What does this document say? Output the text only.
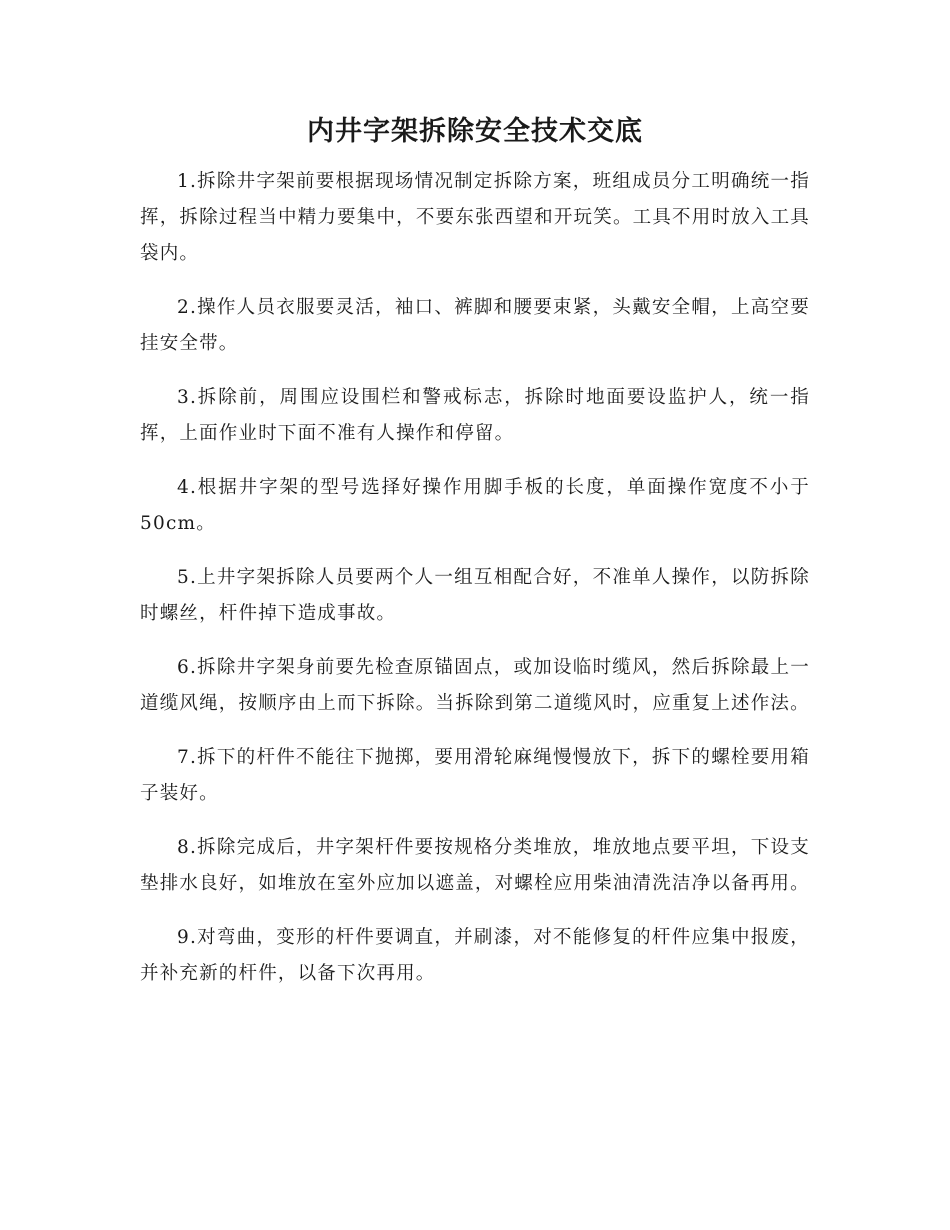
内井字架拆除安全技术交底

1.拆除井字架前要根据现场情况制定拆除方案，班组成员分工明确统一指挥，拆除过程当中精力要集中，不要东张西望和开玩笑。工具不用时放入工具袋内。

2.操作人员衣服要灵活，袖口、裤脚和腰要束紧，头戴安全帽，上高空要挂安全带。

3.拆除前，周围应设围栏和警戒标志，拆除时地面要设监护人，统一指挥，上面作业时下面不准有人操作和停留。

4.根据井字架的型号选择好操作用脚手板的长度，单面操作宽度不小于50cm。

5.上井字架拆除人员要两个人一组互相配合好，不准单人操作，以防拆除时螺丝，杆件掉下造成事故。

6.拆除井字架身前要先检查原锚固点，或加设临时缆风，然后拆除最上一道缆风绳，按顺序由上而下拆除。当拆除到第二道缆风时，应重复上述作法。

7.拆下的杆件不能往下抛掷，要用滑轮麻绳慢慢放下，拆下的螺栓要用箱子装好。

8.拆除完成后，井字架杆件要按规格分类堆放，堆放地点要平坦，下设支垫排水良好，如堆放在室外应加以遮盖，对螺栓应用柴油清洗洁净以备再用。

9.对弯曲，变形的杆件要调直，并刷漆，对不能修复的杆件应集中报废，并补充新的杆件，以备下次再用。
